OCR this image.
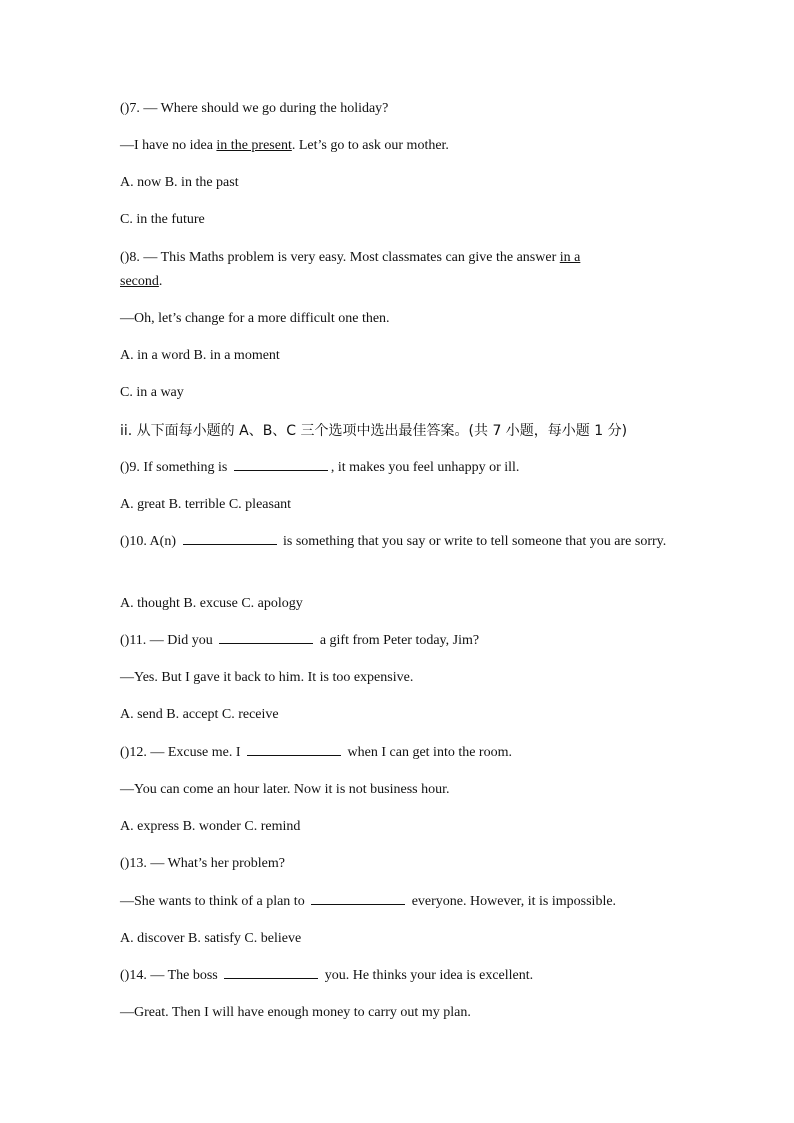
()7. — Where should we go during the holiday?
—I have no idea in the present. Let’s go to ask our mother.
A. now B. in the past
C. in the future
()8. — This Maths problem is very easy. Most classmates can give the answer in a
second.
—Oh, let’s change for a more difficult one then.
A. in a word B. in a moment
C. in a way
ii. 从下面每小题的 A、B、C 三个选项中选出最佳答案。(共 7 小题，每小题 1 分)
()9. If something is	, it makes you feel unhappy or ill.
A. great B. terrible C. pleasant
()10. A(n)	is something that you say or write to tell someone that you are sorry.
A. thought B. excuse C. apology
()11. — Did you	a gift from Peter today, Jim?
—Yes. But I gave it back to him. It is too expensive.
A. send B. accept C. receive
()12. — Excuse me. I	when I can get into the room.
—You can come an hour later. Now it is not business hour.
A. express B. wonder C. remind
()13. — What’s her problem?
—She wants to think of a plan to	everyone. However, it is impossible.
A. discover B. satisfy C. believe
()14. — The boss	you. He thinks your idea is excellent.
—Great. Then I will have enough money to carry out my plan.
